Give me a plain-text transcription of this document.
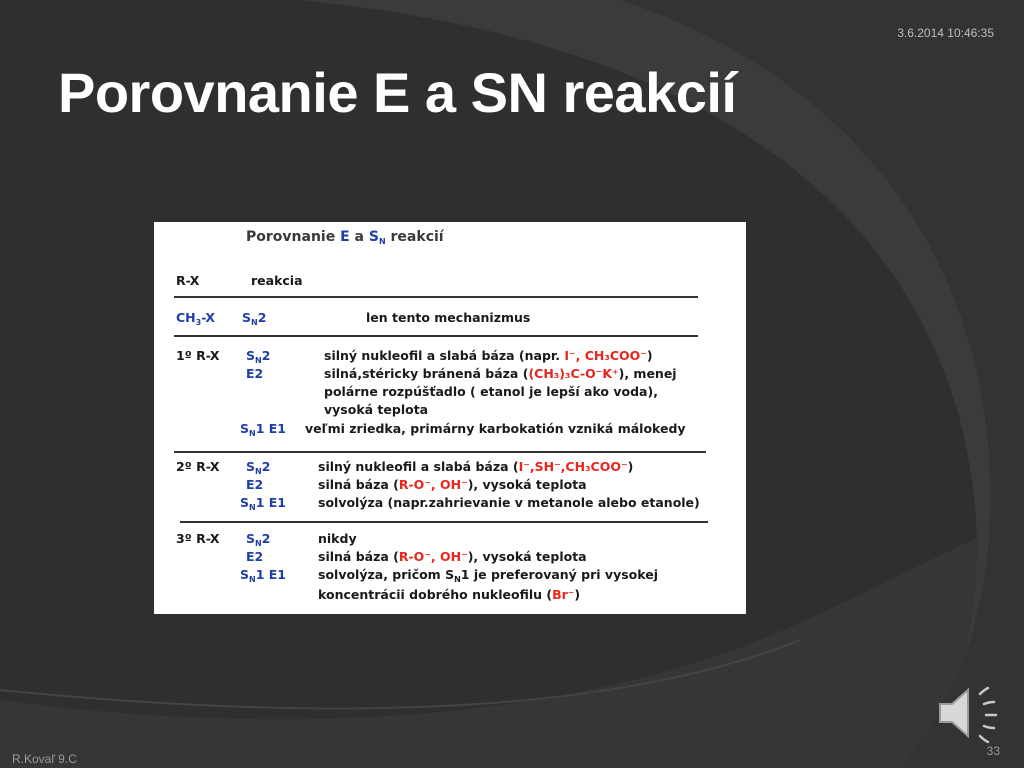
3.6.2014 10:46:35
Porovnanie E a SN reakcií
Porovnanie E a $S_N$ reakcií
R-X	reakcia
$CH_3-X$ $S_N2$	len tento mechanizmus
1º R-X $S_N2$
E2
silný nukleofil a slabá báza (napr. I⁻, CH₃COO⁻)
silná,stéricky bránená báza ((CH₃)₃C-O⁻K⁺), menej
polárne rozpúšťadlo ( etanol je lepší ako voda),
vysoká teplota
$S_N1$ E1 veľmi zriedka, primárny karbokatión vzniká málokedy
2º R-X $S_N2$
E2
$S_N1$ E1
silný nukleofil a slabá báza (I⁻,SH⁻,CH₃COO⁻)
silná báza (R-O⁻, OH⁻), vysoká teplota
solvolýza (napr.zahrievanie v metanole alebo etanole)
3º R-X $S_N2$
E2
$S_N1$ E1
nikdy
silná báza (R-O⁻, OH⁻), vysoká teplota
solvolýza, pričom $S_N1$ je preferovaný pri vysokej
koncentrácii dobrého nukleofilu (Br⁻)
R.Kovaľ 9.C
33
